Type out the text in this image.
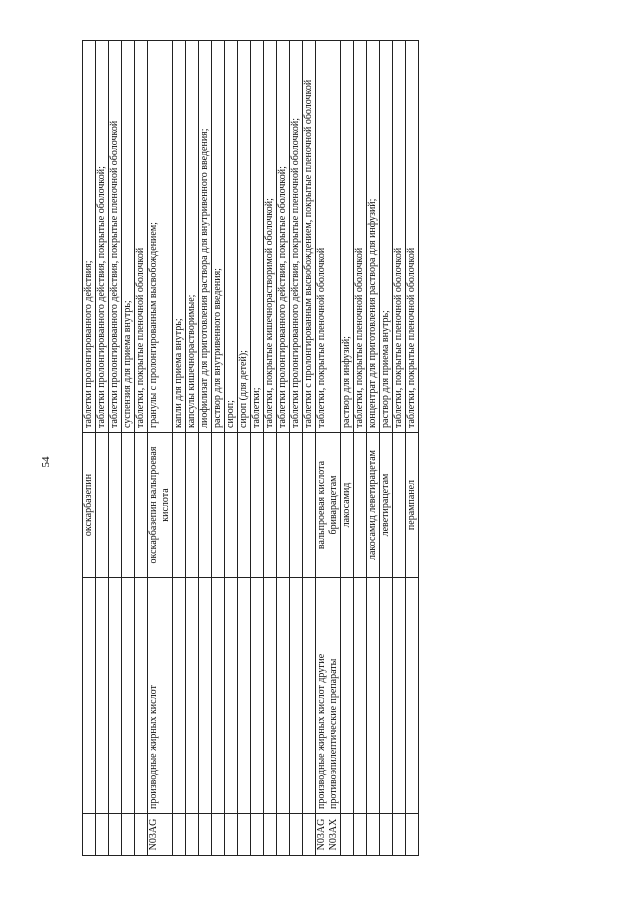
54
		окскарбазепин	таблетки пролонгированного действия;
			таблетки пролонгированного действия, покрытые оболочкой;
			таблетки пролонгированного действия, покрытые пленочной оболочкой
			суспензия для приема внутрь;
			таблетки, покрытые пленочной оболочкой
N03AG	производные жирных кислот	окскарбазепин вальпроевая кислота	гранулы с пролонгированным высвобождением;
			капли для приема внутрь;
			капсулы кишечнорастворимые;
			лиофилизат для приготовления раствора для внутривенного введения;
			раствор для внутривенного введения;
			сироп;
			сироп (для детей);
			таблетки;
			таблетки, покрытые кишечнорастворимой оболочкой;
			таблетки пролонгированного действия, покрытые оболочкой;
			таблетки пролонгированного действия, покрытые пленочной оболочкой;
			таблетки с пролонгированным высвобождением, покрытые пленочной оболочкой
N03AG N03AX	производные жирных кислот другие противоэпилептические препараты	вальпроевая кислота бриварацетам	таблетки, покрытые пленочной оболочкой
		лакосамид	раствор для инфузий;
			таблетки, покрытые пленочной оболочкой
		лакосамид леветирацетам	концентрат для приготовления раствора для инфузий;
		леветирацетам	раствор для приема внутрь;
			таблетки, покрытые пленочной оболочкой
		перампанел	таблетки, покрытые пленочной оболочкой
